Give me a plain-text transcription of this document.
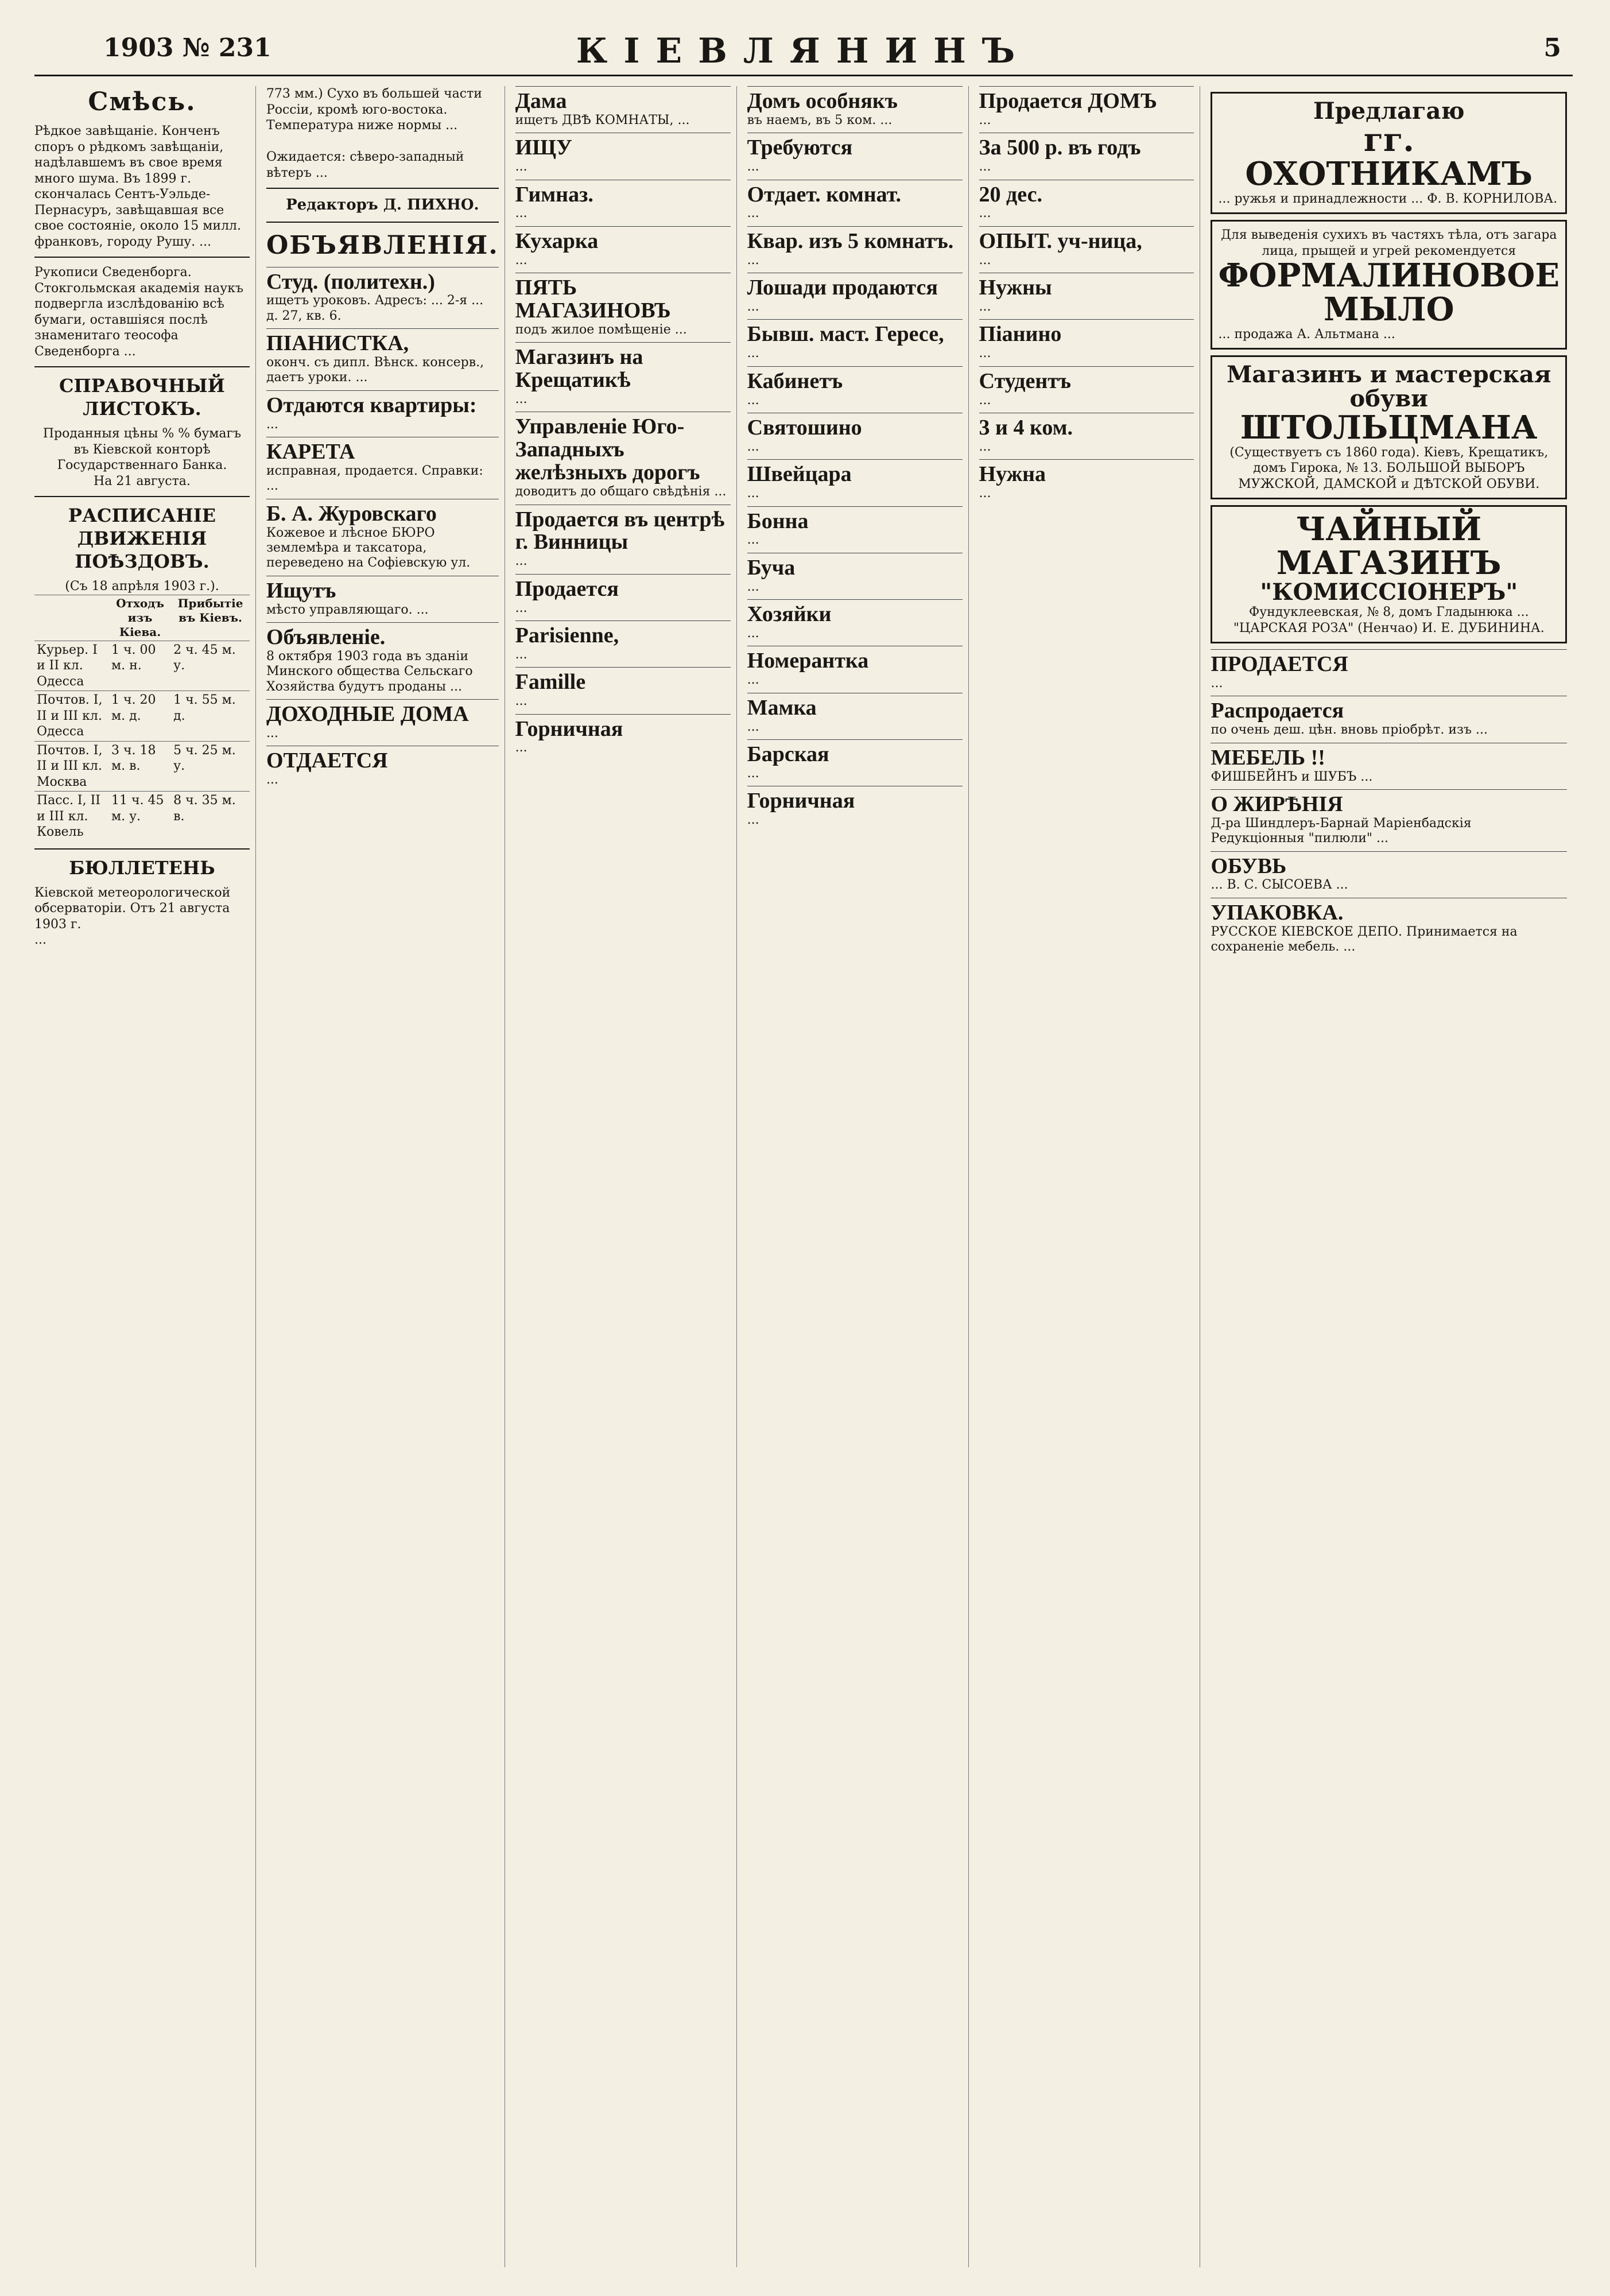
1903 № 231	КІЕВЛЯНИНЪ	5
Смѣсь.
Рѣдкое завѣщаніе. Конченъ споръ о рѣдкомъ завѣщаніи, надѣлавшемъ въ свое время много шума. Въ 1899 г. скончалась Сентъ-Уэльде-Пернасуръ, завѣщавшая все свое состояніе, около 15 милл. франковъ, городу Рушу. ...
Рукописи Сведенборга. Стокгольмская академія наукъ подвергла изслѣдованію всѣ бумаги, оставшіяся послѣ знаменитаго теософа Сведенборга ...
СПРАВОЧНЫЙ ЛИСТОКЪ.
Проданныя цѣны % % бумагъ въ Кіевской конторѣ Государственнаго Банка.
На 21 августа.
РАСПИСАНІЕ ДВИЖЕНІЯ ПОѢЗДОВЪ.
(Съ 18 апрѣля 1903 г.).
	Отходъ изъ Кіева.	Прибытіе въ Кіевъ.
Курьер. I и II кл. Одесса	1 ч. 00 м. н.	2 ч. 45 м. у.
Почтов. I, II и III кл. Одесса	1 ч. 20 м. д.	1 ч. 55 м. д.
Почтов. I, II и III кл. Москва	3 ч. 18 м. в.	5 ч. 25 м. у.
Пасс. I, II и III кл. Ковель	11 ч. 45 м. у.	8 ч. 35 м. в.
БЮЛЛЕТЕНЬ
Кіевской метеорологической обсерваторіи. Отъ 21 августа 1903 г.
...
773 мм.) Сухо въ большей части Россіи, кромѣ юго-востока. Температура ниже нормы ...

Ожидается: сѣверо-западный вѣтеръ ...
Редакторъ Д. ПИХНО.
ОБЪЯВЛЕНІЯ.
Студ. (политехн.)
ищетъ уроковъ. Адресъ: ... 2-я ... д. 27, кв. 6.
ПІАНИСТКА,
оконч. съ дипл. Вѣнск. консерв., даетъ уроки. ...
Отдаются квартиры:
...
КАРЕТА
исправная, продается. Справки: ...
Б. А. Журовскаго
Кожевое и лѣсное БЮРО землемѣра и таксатора, переведено на Софіевскую ул.
Ищутъ
мѣсто управляющаго. ...
Объявленіе.
8 октября 1903 года въ зданіи Минского общества Сельскаго Хозяйства будутъ проданы ...
ДОХОДНЫЕ ДОМА
...
ОТДАЕТСЯ
...
Дама
ищетъ ДВѢ КОМНАТЫ, ...
ИЩУ
...
Гимназ.
...
Кухарка
...
ПЯТЬ МАГАЗИНОВЪ
подъ жилое помѣщеніе ...
Магазинъ на Крещатикѣ
...
Управленіе Юго-Западныхъ желѣзныхъ дорогъ
доводитъ до общаго свѣдѣнія ...
Продается въ центрѣ г. Винницы
...
Продается
...
Parisienne,
...
Famille
...
Горничная
...
Домъ особнякъ
въ наемъ, въ 5 ком. ...
Требуются
...
Отдает. комнат.
...
Квар. изъ 5 комнатъ.
...
Лошади продаются
...
Бывш. маст. Гересе,
...
Кабинетъ
...
Святошино
...
Швейцара
...
Бонна
...
Буча
...
Хозяйки
...
Номерантка
...
Мамка
...
Барская
...
Горничная
...
Продается ДОМЪ
...
За 500 р. въ годъ
...
20 дес.
...
ОПЫТ. уч-ница,
...
Нужны
...
Піанино
...
Студентъ
...
3 и 4 ком.
...
Нужна
...
Предлагаю
гг. ОХОТНИКАМЪ
... ружья и принадлежности ... Ф. В. КОРНИЛОВА.
Для выведенія сухихъ въ частяхъ тѣла, отъ загара лица, прыщей и угрей рекомендуется
ФОРМАЛИНОВОЕ МЫЛО
... продажа А. Альтмана ...
Магазинъ и мастерская обуви
ШТОЛЬЦМАНА
(Существуетъ съ 1860 года). Кіевъ, Крещатикъ, домъ Гирока, № 13. БОЛЬШОЙ ВЫБОРЪ МУЖСКОЙ, ДАМСКОЙ и ДѢТСКОЙ ОБУВИ.
ЧАЙНЫЙ МАГАЗИНЪ
"КОМИССІОНЕРЪ"
Фундуклеевская, № 8, домъ Гладынюка ... "ЦАРСКАЯ РОЗА" (Ненчао) И. Е. ДУБИНИНА.
ПРОДАЕТСЯ
...
Распродается
по очень деш. цѣн. вновь пріобрѣт. изъ ...
МЕБЕЛЬ !!
ФИШБЕЙНЪ и ШУБЪ ...
О ЖИРѢНІЯ
Д-ра Шиндлеръ-Барнай Маріенбадскія Редукціонныя "пилюли" ...
ОБУВЬ
... В. С. СЫСОЕВА ...
УПАКОВКА.
РУССКОЕ КІЕВСКОЕ ДЕПО. Принимается на сохраненіе мебель. ...
